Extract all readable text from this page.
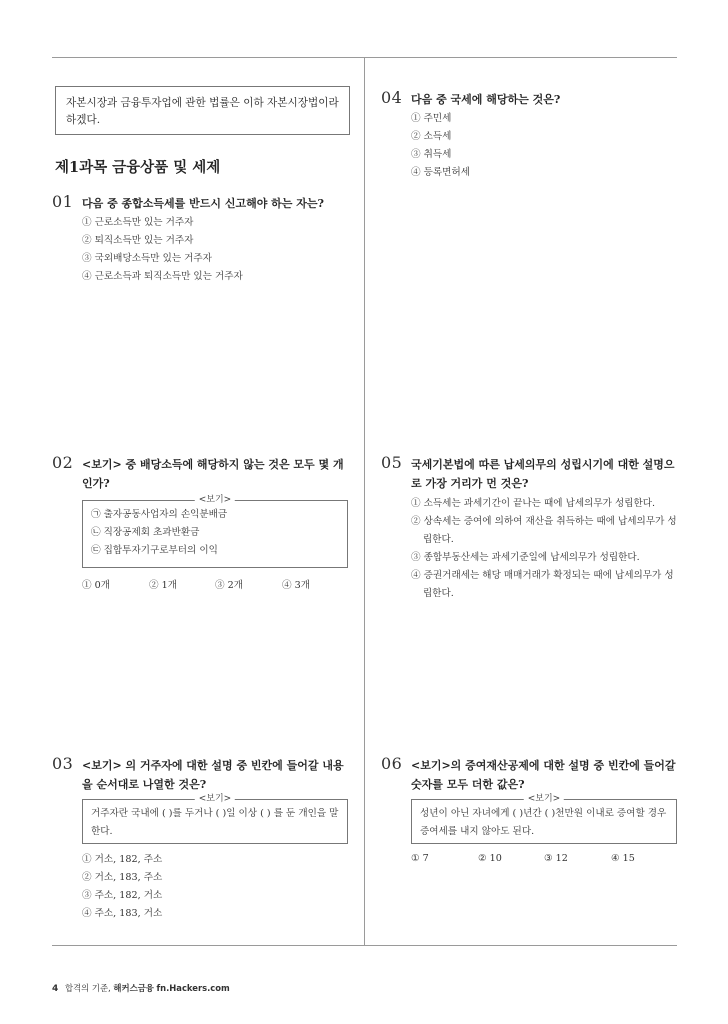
자본시장과 금융투자업에 관한 법률은 이하 자본시장법이라 하겠다.
제1과목 금융상품 및 세제
01 다음 중 종합소득세를 반드시 신고해야 하는 자는?
① 근로소득만 있는 거주자
② 퇴직소득만 있는 거주자
③ 국외배당소득만 있는 거주자
④ 근로소득과 퇴직소득만 있는 거주자
02 <보기> 중 배당소득에 해당하지 않는 것은 모두 몇 개인가?
<보기>
㉠ 출자공동사업자의 손익분배금
㉡ 직장공제회 초과반환금
㉢ 집합투자기구로부터의 이익
① 0개	② 1개	③ 2개	④ 3개
03 <보기> 의 거주자에 대한 설명 중 빈칸에 들어갈 내용을 순서대로 나열한 것은?
<보기>
거주자란 국내에 ( )를 두거나 ( )일 이상 ( ) 를 둔 개인을 말한다.
① 거소, 182, 주소
② 거소, 183, 주소
③ 주소, 182, 거소
④ 주소, 183, 거소
04 다음 중 국세에 해당하는 것은?
① 주민세
② 소득세
③ 취득세
④ 등록면허세
05 국세기본법에 따른 납세의무의 성립시기에 대한 설명으로 가장 거리가 먼 것은?
① 소득세는 과세기간이 끝나는 때에 납세의무가 성립한다.
② 상속세는 증여에 의하여 재산을 취득하는 때에 납세의무가 성립한다.
③ 종합부동산세는 과세기준일에 납세의무가 성립한다.
④ 증권거래세는 해당 매매거래가 확정되는 때에 납세의무가 성립한다.
06 <보기>의 증여재산공제에 대한 설명 중 빈칸에 들어갈 숫자를 모두 더한 값은?
<보기>
성년이 아닌 자녀에게 ( )년간 ( )천만원 이내로 증여할 경우 증여세를 내지 않아도 된다.
① 7	② 10	③ 12	④ 15
4 합격의 기준, 해커스금융 fn.Hackers.com
